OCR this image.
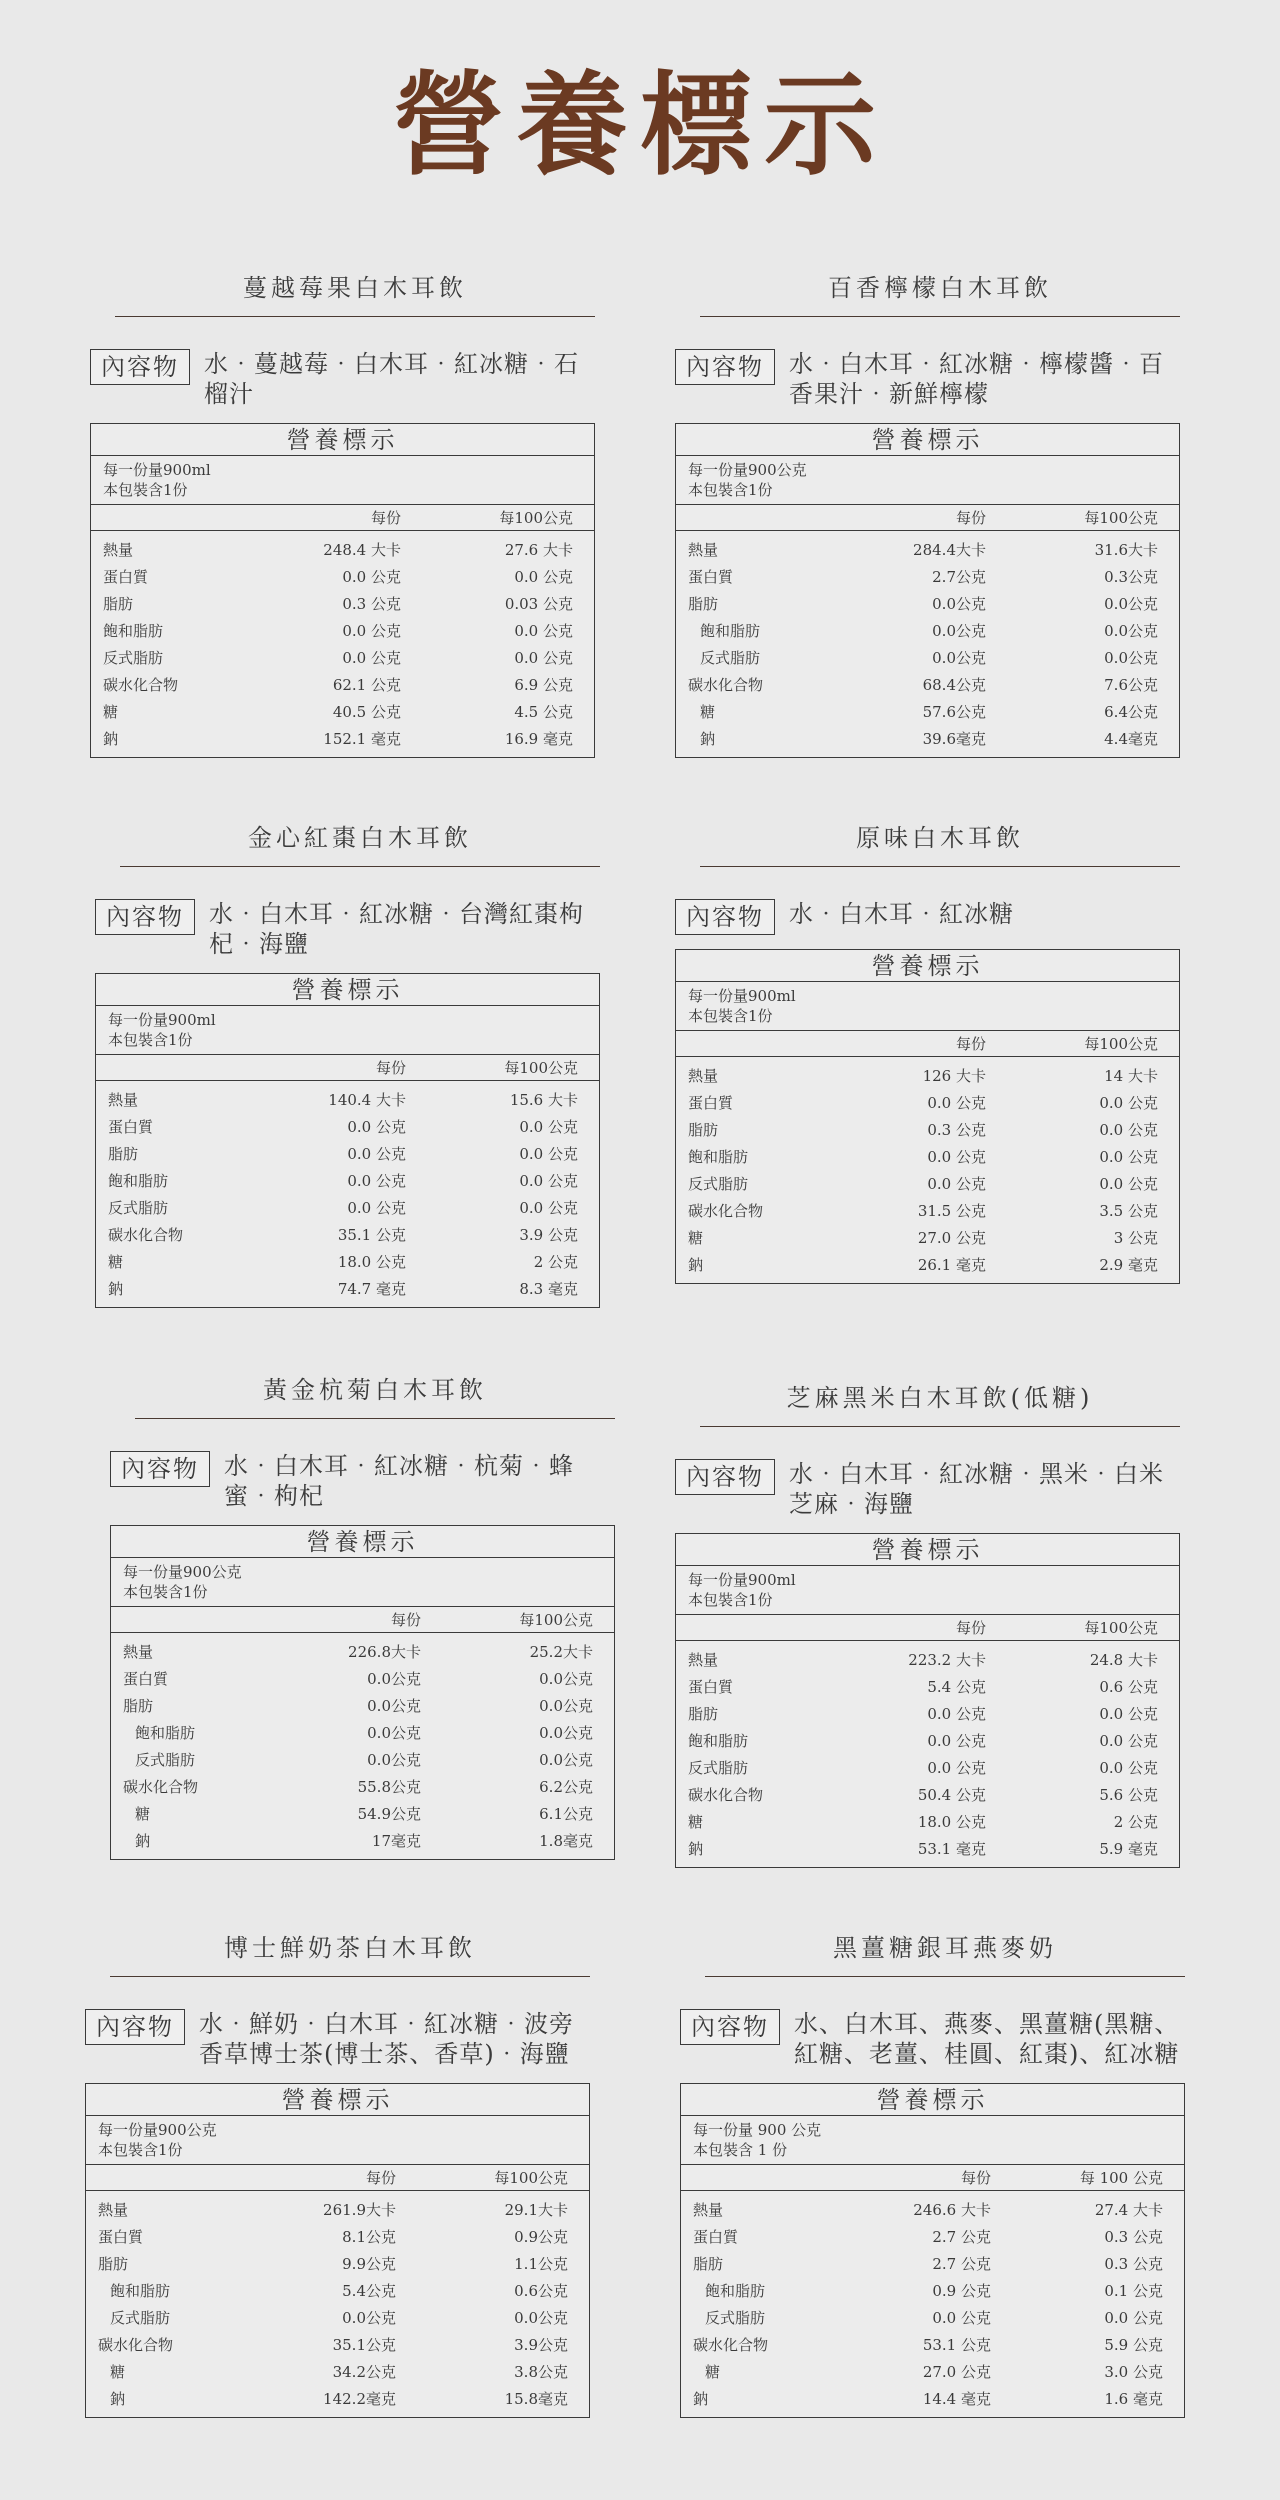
營養標示
蔓越莓果白木耳飲
內容物	水‧蔓越莓‧白木耳‧紅冰糖‧石榴汁
營養標示
每一份量900ml
本包裝含1份
每份	每100公克
熱量	248.4 大卡	27.6 大卡
蛋白質	0.0 公克	0.0 公克
脂肪	0.3 公克	0.03 公克
飽和脂肪	0.0 公克	0.0 公克
反式脂肪	0.0 公克	0.0 公克
碳水化合物	62.1 公克	6.9 公克
糖	40.5 公克	4.5 公克
鈉	152.1 毫克	16.9 毫克
百香檸檬白木耳飲
內容物	水‧白木耳‧紅冰糖‧檸檬醬‧百香果汁‧新鮮檸檬
營養標示
每一份量900公克
本包裝含1份
每份	每100公克
熱量	284.4大卡	31.6大卡
蛋白質	2.7公克	0.3公克
脂肪	0.0公克	0.0公克
飽和脂肪	0.0公克	0.0公克
反式脂肪	0.0公克	0.0公克
碳水化合物	68.4公克	7.6公克
糖	57.6公克	6.4公克
鈉	39.6毫克	4.4毫克
金心紅棗白木耳飲
內容物	水‧白木耳‧紅冰糖‧台灣紅棗枸杞‧海鹽
營養標示
每一份量900ml
本包裝含1份
每份	每100公克
熱量	140.4 大卡	15.6 大卡
蛋白質	0.0 公克	0.0 公克
脂肪	0.0 公克	0.0 公克
飽和脂肪	0.0 公克	0.0 公克
反式脂肪	0.0 公克	0.0 公克
碳水化合物	35.1 公克	3.9 公克
糖	18.0 公克	2 公克
鈉	74.7 毫克	8.3 毫克
原味白木耳飲
內容物	水‧白木耳‧紅冰糖
營養標示
每一份量900ml
本包裝含1份
每份	每100公克
熱量	126 大卡	14 大卡
蛋白質	0.0 公克	0.0 公克
脂肪	0.3 公克	0.0 公克
飽和脂肪	0.0 公克	0.0 公克
反式脂肪	0.0 公克	0.0 公克
碳水化合物	31.5 公克	3.5 公克
糖	27.0 公克	3 公克
鈉	26.1 毫克	2.9 毫克
黃金杭菊白木耳飲
內容物	水‧白木耳‧紅冰糖‧杭菊‧蜂蜜‧枸杞
營養標示
每一份量900公克
本包裝含1份
每份	每100公克
熱量	226.8大卡	25.2大卡
蛋白質	0.0公克	0.0公克
脂肪	0.0公克	0.0公克
飽和脂肪	0.0公克	0.0公克
反式脂肪	0.0公克	0.0公克
碳水化合物	55.8公克	6.2公克
糖	54.9公克	6.1公克
鈉	17毫克	1.8毫克
芝麻黑米白木耳飲(低糖)
內容物	水‧白木耳‧紅冰糖‧黑米‧白米芝麻‧海鹽
營養標示
每一份量900ml
本包裝含1份
每份	每100公克
熱量	223.2 大卡	24.8 大卡
蛋白質	5.4 公克	0.6 公克
脂肪	0.0 公克	0.0 公克
飽和脂肪	0.0 公克	0.0 公克
反式脂肪	0.0 公克	0.0 公克
碳水化合物	50.4 公克	5.6 公克
糖	18.0 公克	2 公克
鈉	53.1 毫克	5.9 毫克
博士鮮奶茶白木耳飲
內容物	水‧鮮奶‧白木耳‧紅冰糖‧波旁香草博士茶(博士茶、香草)‧海鹽
營養標示
每一份量900公克
本包裝含1份
每份	每100公克
熱量	261.9大卡	29.1大卡
蛋白質	8.1公克	0.9公克
脂肪	9.9公克	1.1公克
飽和脂肪	5.4公克	0.6公克
反式脂肪	0.0公克	0.0公克
碳水化合物	35.1公克	3.9公克
糖	34.2公克	3.8公克
鈉	142.2毫克	15.8毫克
黑薑糖銀耳燕麥奶
內容物	水、白木耳、燕麥、黑薑糖(黑糖、紅糖、老薑、桂圓、紅棗)、紅冰糖
營養標示
每一份量 900 公克
本包裝含 1 份
每份	每 100 公克
熱量	246.6 大卡	27.4 大卡
蛋白質	2.7 公克	0.3 公克
脂肪	2.7 公克	0.3 公克
飽和脂肪	0.9 公克	0.1 公克
反式脂肪	0.0 公克	0.0 公克
碳水化合物	53.1 公克	5.9 公克
糖	27.0 公克	3.0 公克
鈉	14.4 毫克	1.6 毫克
